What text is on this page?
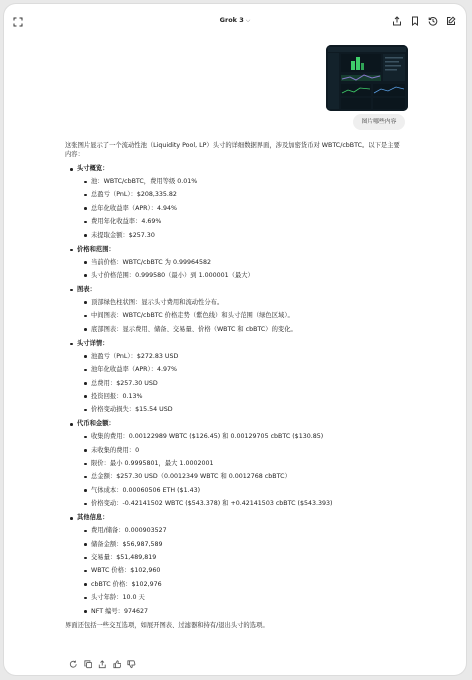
Grok 3 ⌵
图片哪些内容

这张图片显示了一个流动性池（Liquidity Pool, LP）头寸的详细数据界面，涉及加密货币对 WBTC/cbBTC。以下是主要内容：

头寸概览：
池：WBTC/cbBTC，费用等级 0.01%
总盈亏（PnL）：$208,335.82
总年化收益率（APR）：4.94%
费用年化收益率：4.69%
未提取金额：$257.30
价格和范围：
当前价格：WBTC/cbBTC 为 0.99964582
头寸价格范围：0.999580（最小）到 1.000001（最大）
图表：
顶部绿色柱状图：显示头寸费用和流动性分布。
中间图表：WBTC/cbBTC 价格走势（紫色线）和头寸范围（绿色区域）。
底部图表：显示费用、储备、交易量、价格（WBTC 和 cbBTC）的变化。
头寸详情：
池盈亏（PnL）：$272.83 USD
池年化收益率（APR）：4.97%
总费用：$257.30 USD
投资回报：0.13%
价格变动损失：$15.54 USD
代币和金额：
收集的费用：0.00122989 WBTC ($126.45) 和 0.00129705 cbBTC ($130.85)
未收集的费用：0
限价：最小 0.9995801，最大 1.0002001
总金额：$257.30 USD（0.0012349 WBTC 和 0.0012768 cbBTC）
气体成本：0.00060506 ETH ($1.43)
价格变动：-0.42141502 WBTC ($543.378) 和 +0.42141503 cbBTC ($543.393)
其他信息：
费用/储备：0.000903527
储备金额：$56,987,589
交易量：$51,489,819
WBTC 价格：$102,960
cbBTC 价格：$102,976
头寸年龄：10.0 天
NFT 编号：974627

界面还包括一些交互选项，如展开图表、过滤器和持有/退出头寸的选项。
